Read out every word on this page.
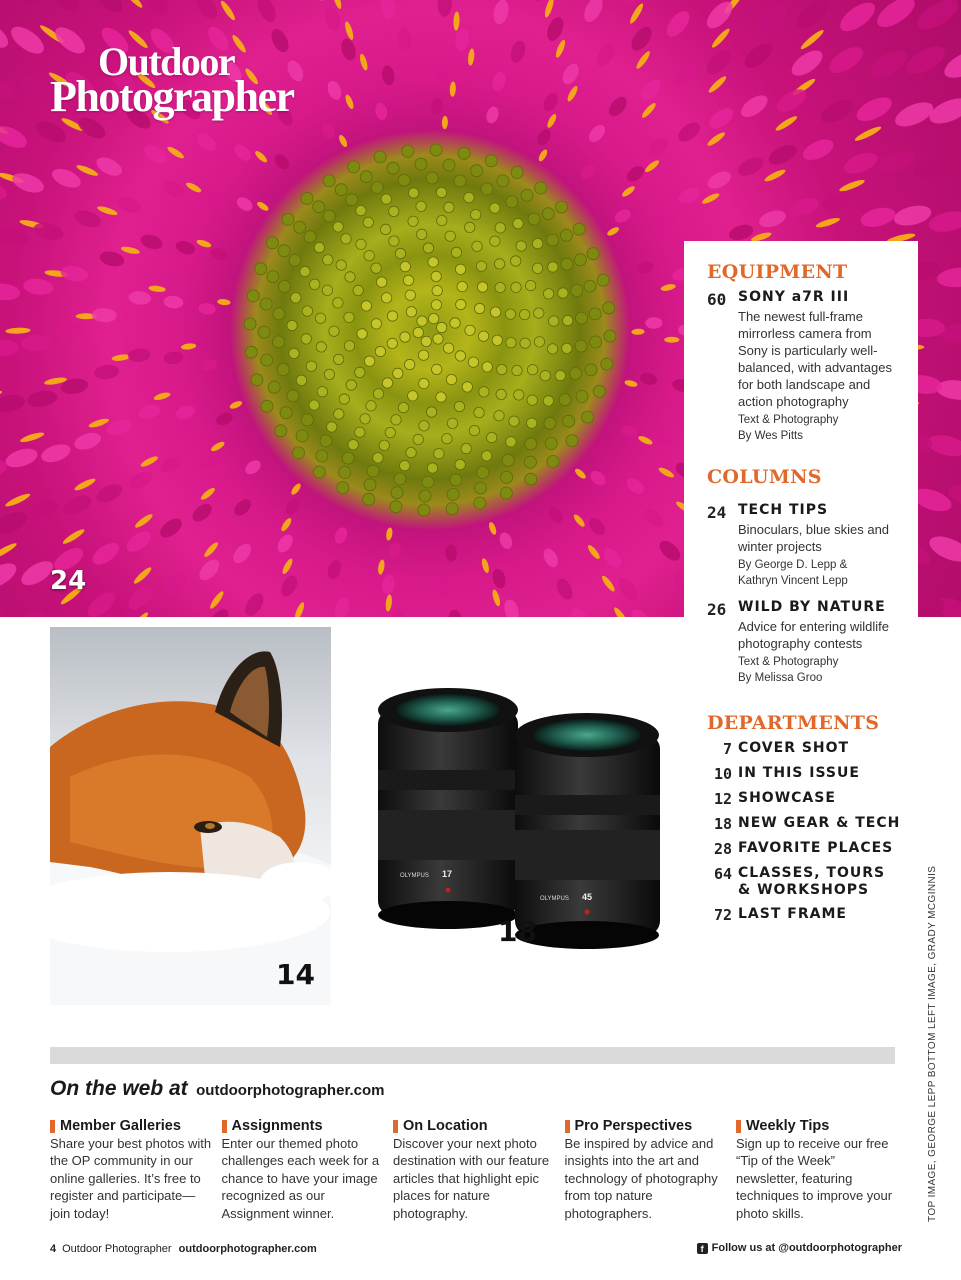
Outdoor
Photographer
24
EQUIPMENT
60 SONY a7R III
The newest full-frame mirrorless camera from Sony is particularly well-balanced, with advantages for both landscape and action photography
Text & Photography
By Wes Pitts
COLUMNS
24 TECH TIPS
Binoculars, blue skies and winter projects
By George D. Lepp &
Kathryn Vincent Lepp
26 WILD BY NATURE
Advice for entering wildlife photography contests
Text & Photography
By Melissa Groo
DEPARTMENTS
7 COVER SHOT
10 IN THIS ISSUE
12 SHOWCASE
18 NEW GEAR & TECH
28 FAVORITE PLACES
64 CLASSES, TOURS & WORKSHOPS
72 LAST FRAME
14
OLYMPUS 17
OLYMPUS 45
18
On the web at outdoorphotographer.com
Member Galleries
Share your best photos with the OP community in our online galleries. It’s free to register and participate—join today!
Assignments
Enter our themed photo challenges each week for a chance to have your image recognized as our Assignment winner.
On Location
Discover your next photo destination with our feature articles that highlight epic places for nature photography.
Pro Perspectives
Be inspired by advice and insights into the art and technology of photography from top nature photographers.
Weekly Tips
Sign up to receive our free “Tip of the Week” newsletter, featuring techniques to improve your photo skills.
4 Outdoor Photographer outdoorphotographer.com	f Follow us at @outdoorphotographer
TOP IMAGE, GEORGE LEPP BOTTOM LEFT IMAGE, GRADY MCGINNIS
